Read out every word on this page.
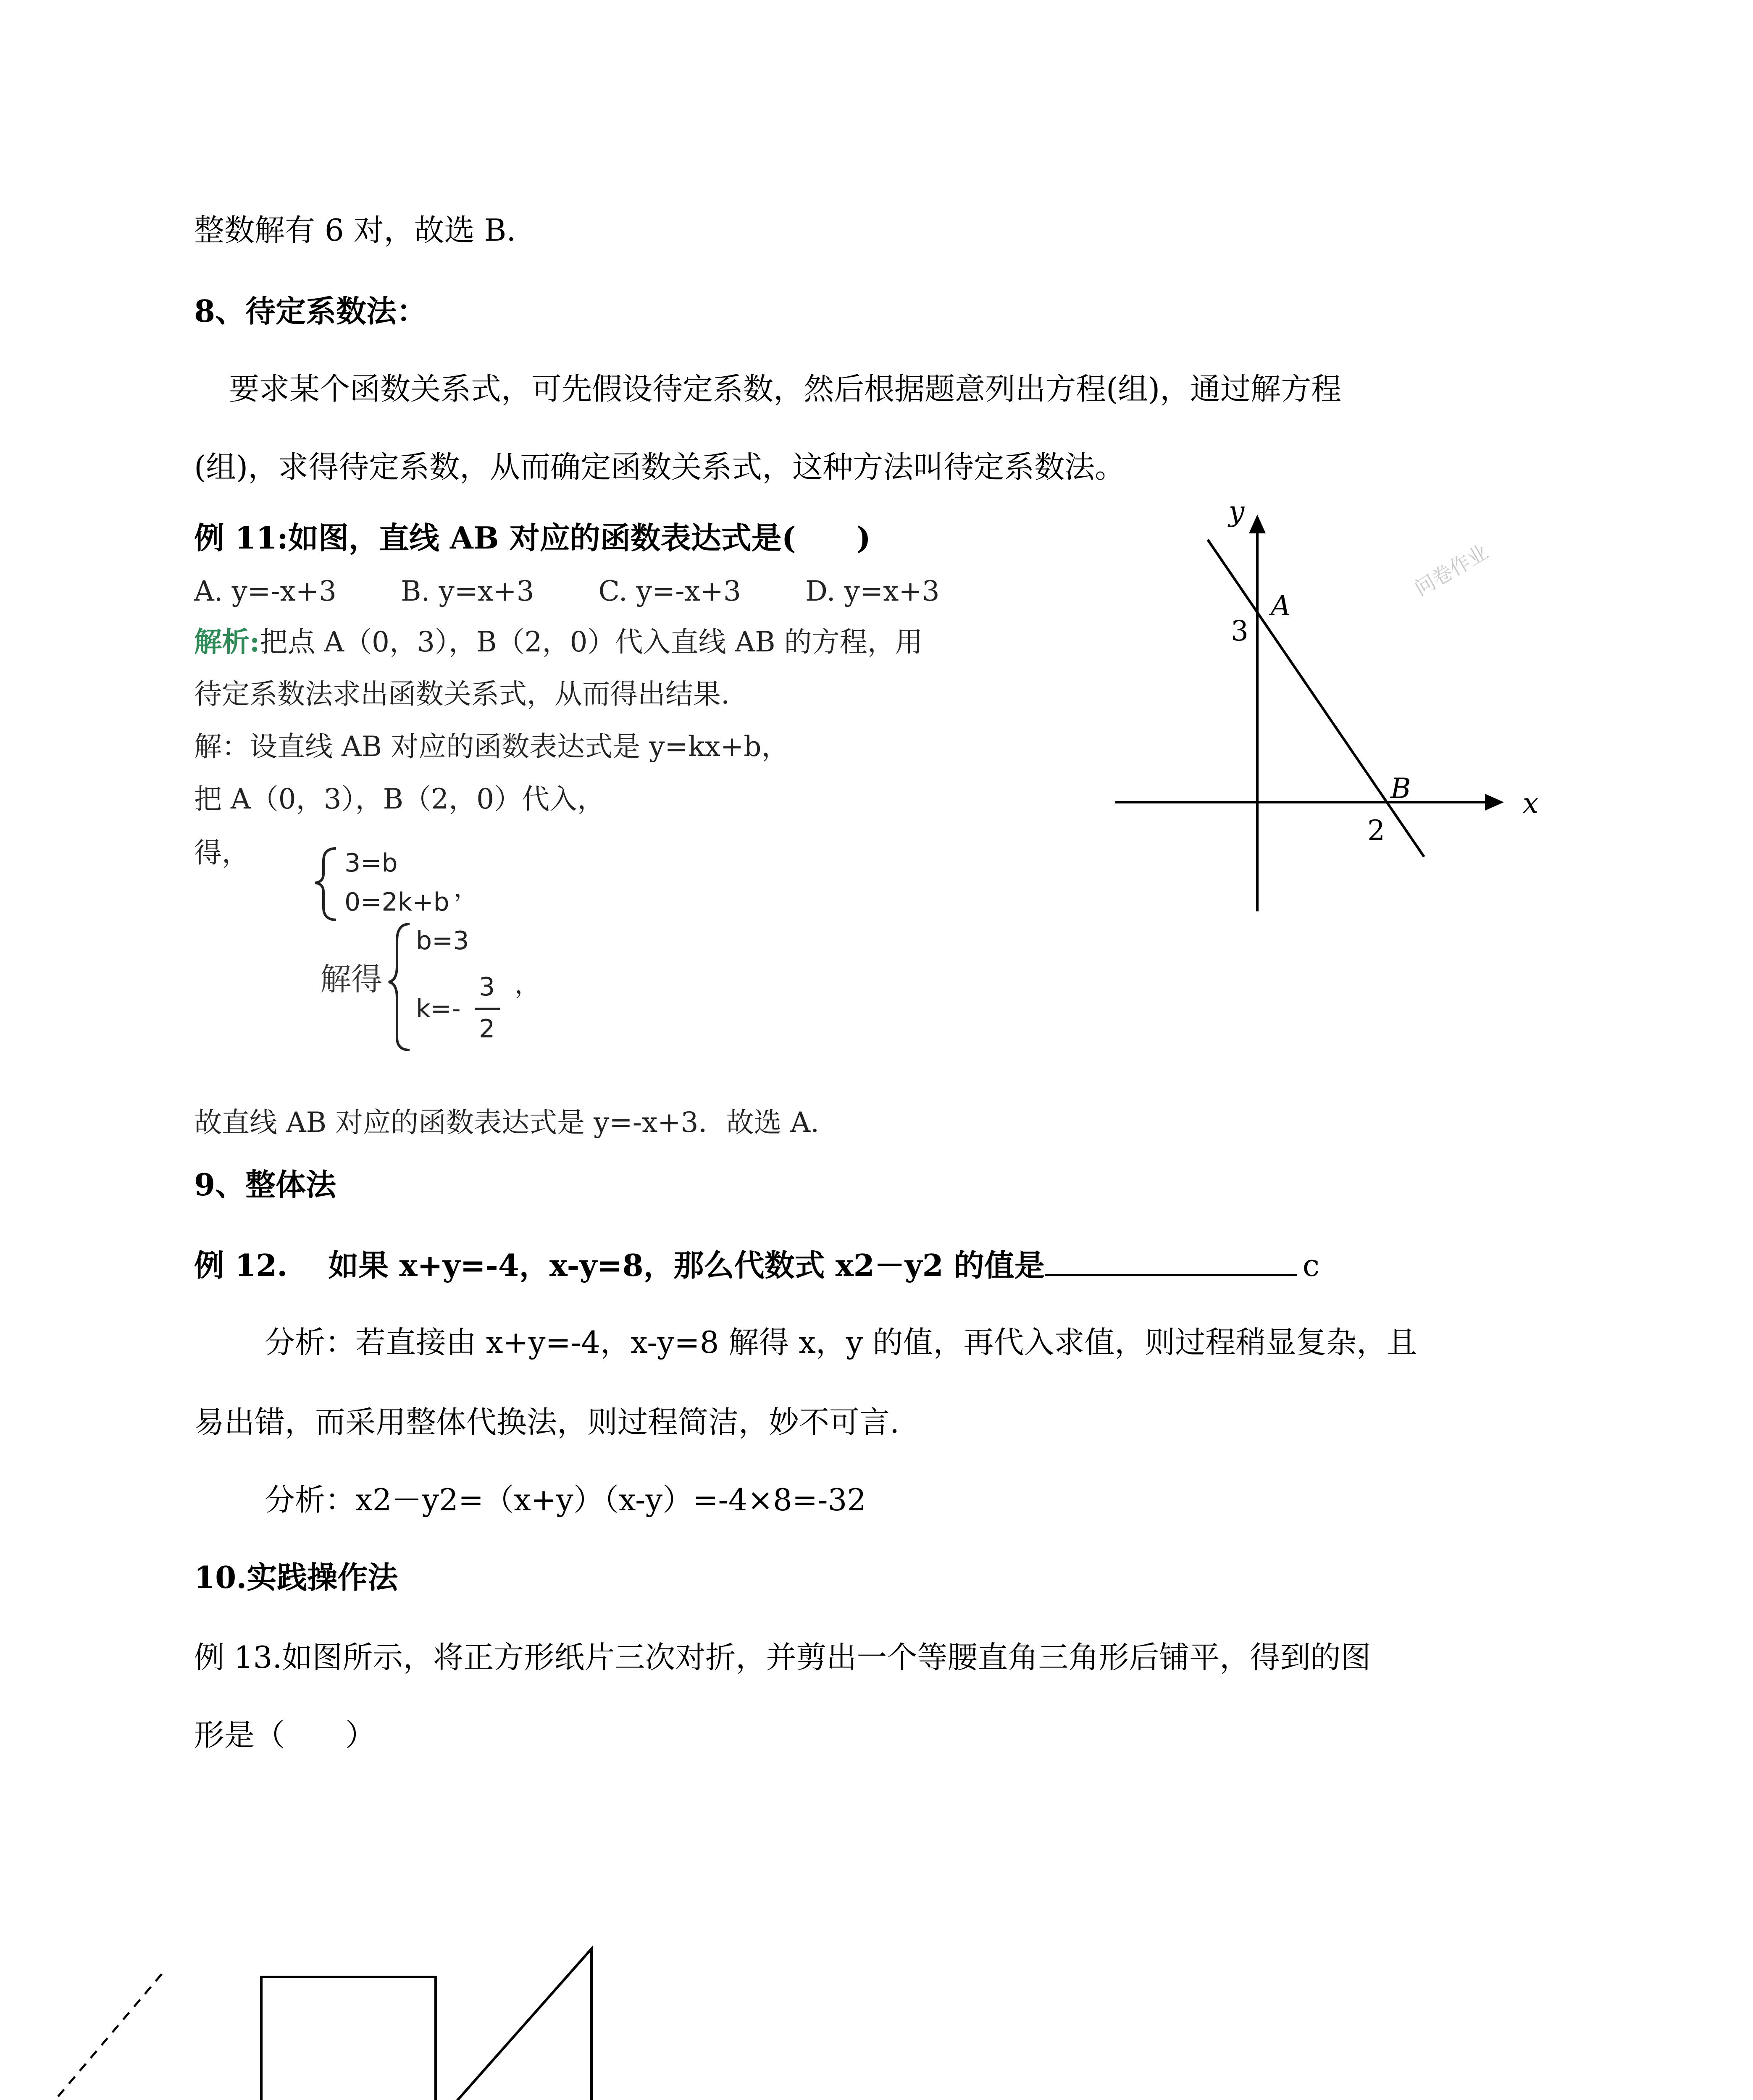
整数解有 6 对，故选 B.
8、待定系数法：
要求某个函数关系式，可先假设待定系数，然后根据题意列出方程(组)，通过解方程
(组)，求得待定系数，从而确定函数关系式，这种方法叫待定系数法。
例 11:如图，直线 AB 对应的函数表达式是(　　)
A. y=-x+3 　　B. y=x+3 　　C. y=-x+3 　　D. y=x+3
解析:把点 A（0，3），B（2，0）代入直线 AB 的方程，用
待定系数法求出函数关系式，从而得出结果.
解：设直线 AB 对应的函数表达式是 y=kx+b，
把 A（0，3），B（2，0）代入，
得，	3=b
0=2k+b ，
解得
b=3
k=-
3
2
，
故直线 AB 对应的函数表达式是 y=-x+3．故选 A.
9、整体法
例 12.　 如果 x+y=-4，x-y=8，那么代数式 x2－y2 的值是	c
分析：若直接由 x+y=-4，x-y=8 解得 x，y 的值，再代入求值，则过程稍显复杂，且
易出错，而采用整体代换法，则过程简洁，妙不可言.
分析：x2－y2=（x+y）（x-y）=-4×8=-32
10.实践操作法
例 13.如图所示，将正方形纸片三次对折，并剪出一个等腰直角三角形后铺平，得到的图
形是（　　）
y
x
A
B
3
2
问卷作业
